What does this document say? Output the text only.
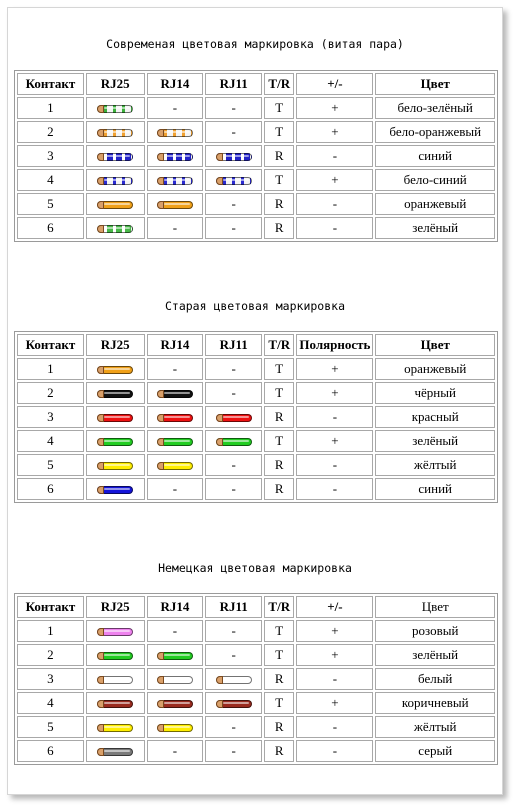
Современая цветовая маркировка (витая пара)
Контакт	RJ25	RJ14	RJ11	T/R	+/-	Цвет
1		-	-	T	+	бело-зелёный
2			-	T	+	бело-оранжевый
3				R	-	синий
4				T	+	бело-синий
5			-	R	-	оранжевый
6		-	-	R	-	зелёный
Старая цветовая маркировка
Контакт	RJ25	RJ14	RJ11	T/R	Полярность	Цвет
1		-	-	T	+	оранжевый
2			-	T	+	чёрный
3				R	-	красный
4				T	+	зелёный
5			-	R	-	жёлтый
6		-	-	R	-	синий
Немецкая цветовая маркировка
Контакт	RJ25	RJ14	RJ11	T/R	+/-	Цвет
1		-	-	T	+	розовый
2			-	T	+	зелёный
3				R	-	белый
4				T	+	коричневый
5			-	R	-	жёлтый
6		-	-	R	-	серый
